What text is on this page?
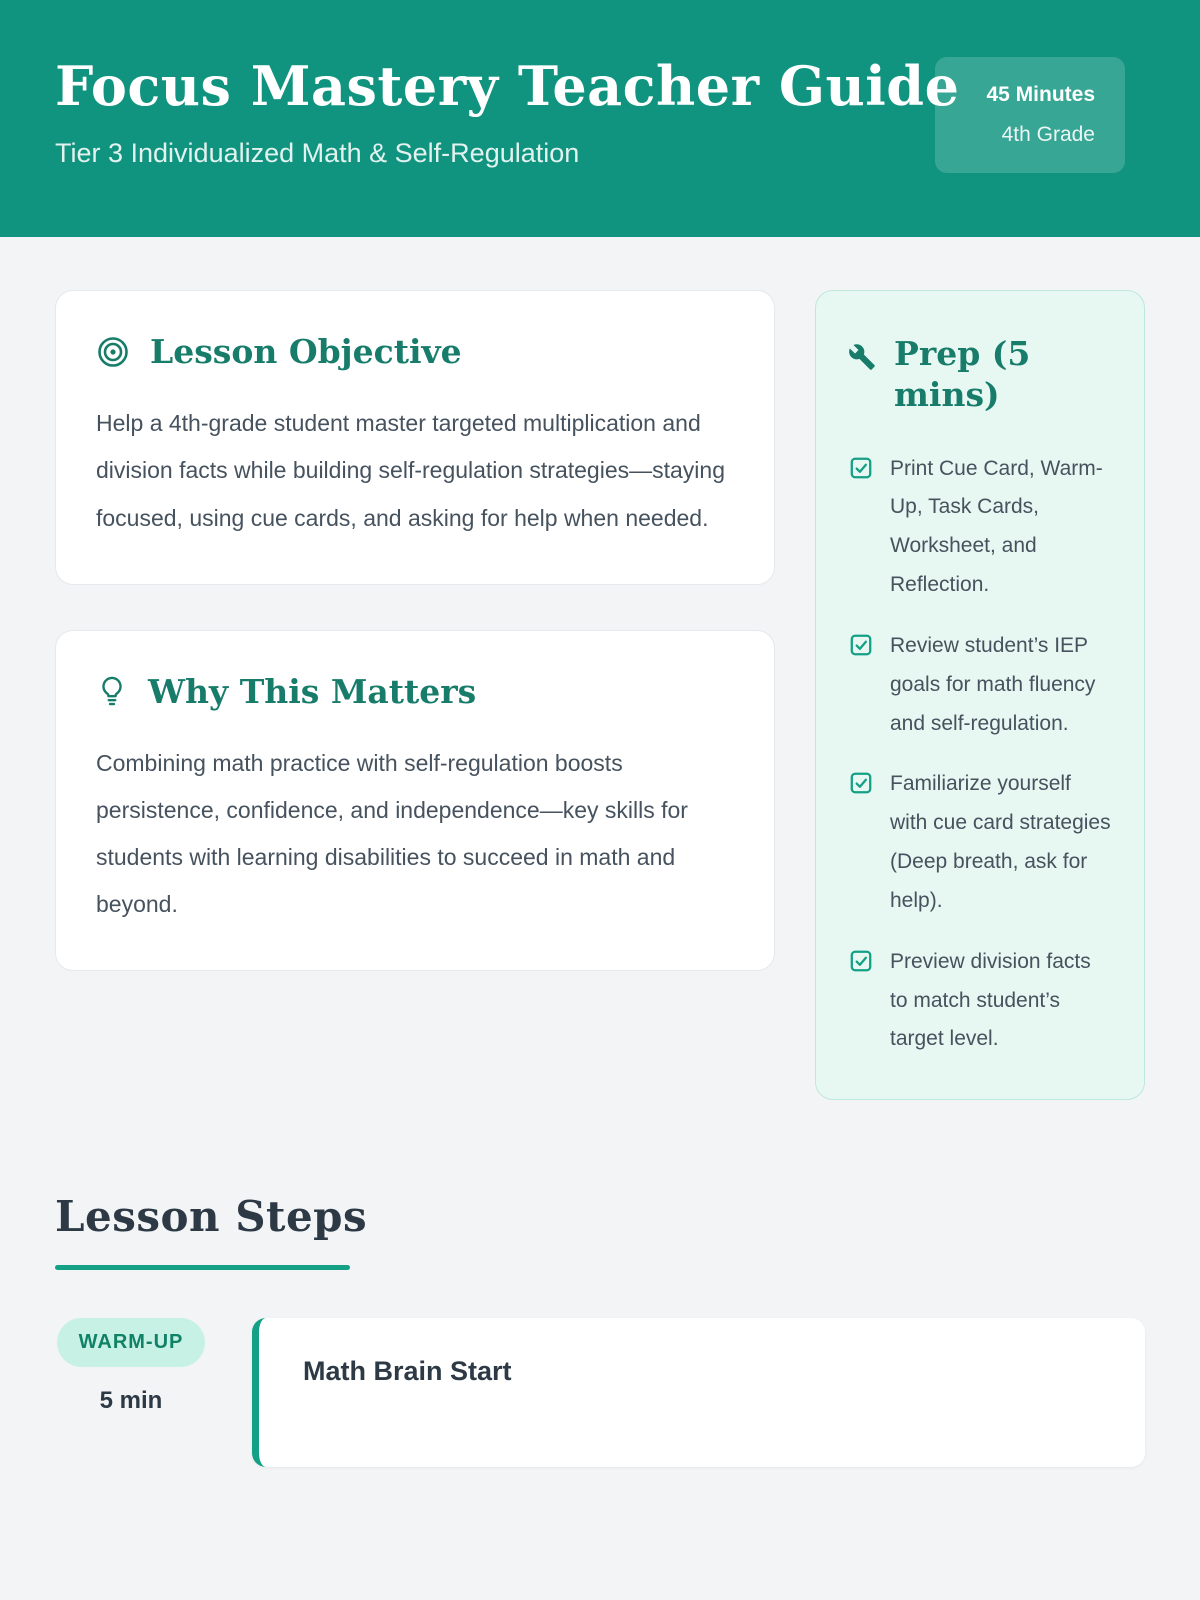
Focus Mastery Teacher Guide
Tier 3 Individualized Math & Self-Regulation
45 Minutes
4th Grade
Lesson Objective

Help a 4th-grade student master targeted multiplication and division facts while building self-regulation strategies—staying focused, using cue cards, and asking for help when needed.

Why This Matters

Combining math practice with self-regulation boosts persistence, confidence, and independence—key skills for students with learning disabilities to succeed in math and beyond.

Prep (5 mins)
Print Cue Card, Warm-Up, Task Cards, Worksheet, and Reflection.
Review student’s IEP goals for math fluency and self-regulation.
Familiarize yourself with cue card strategies (Deep breath, ask for help).
Preview division facts to match student’s target level.
Lesson Steps
WARM-UP
5 min
Math Brain Start
